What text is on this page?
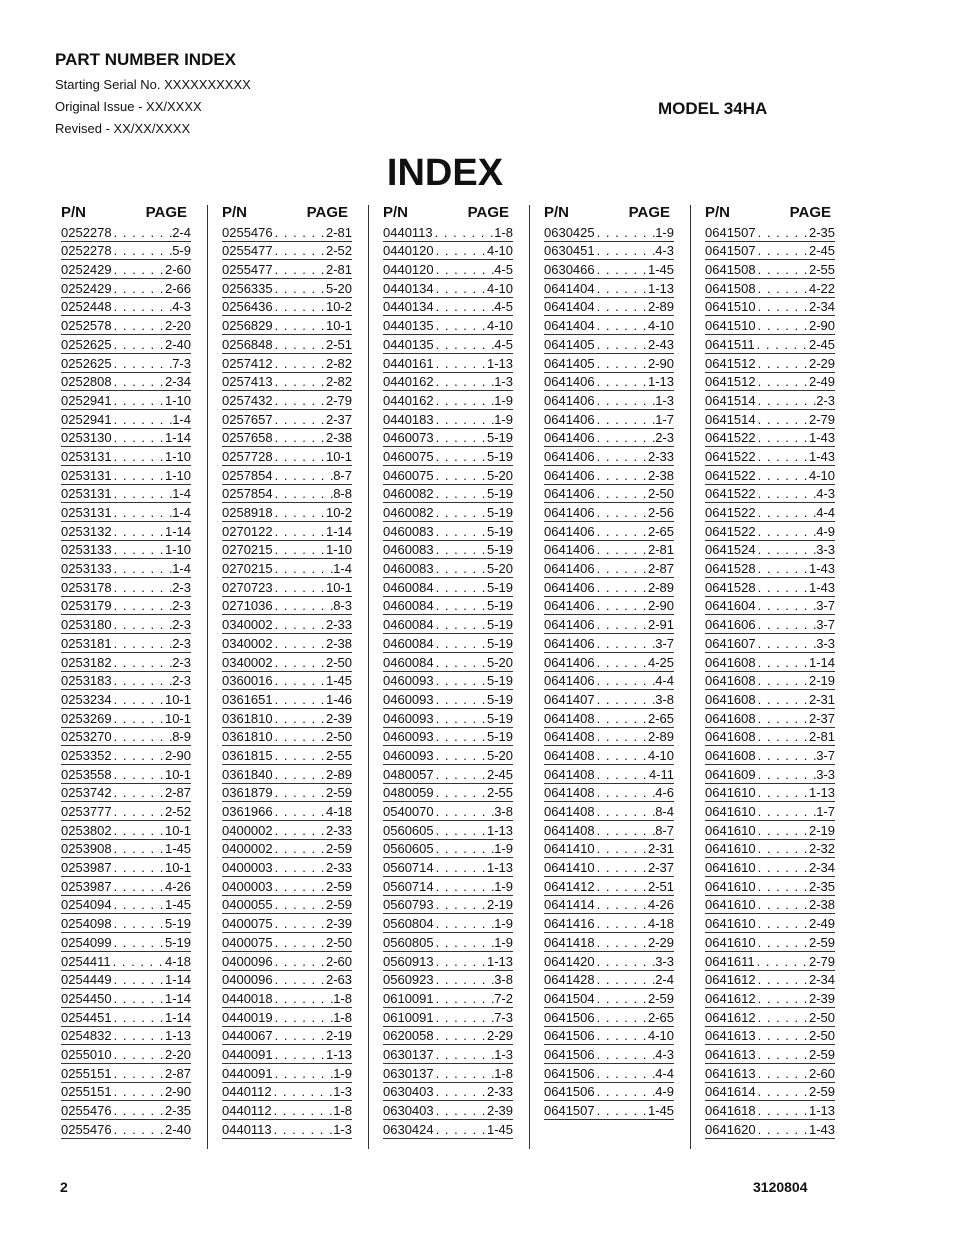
PART NUMBER INDEX
Starting Serial No. XXXXXXXXXX
Original Issue - XX/XXXX
Revised - XX/XX/XXXX
MODEL 34HA
INDEX
P/N	PAGE
0252278 . . .	2-4
0252278 . . .	5-9
0252429 . . .	2-60
0252429 . . .	2-66
0252448 . . .	4-3
0252578 . . .	2-20
0252625 . . .	2-40
0252625 . . .	7-3
0252808 . . .	2-34
0252941 . . .	1-10
0252941 . . .	1-4
0253130 . . .	1-14
0253131 . . .	1-10
0253131 . . .	1-10
0253131 . . .	1-4
0253131 . . .	1-4
0253132 . . .	1-14
0253133 . . .	1-10
0253133 . . .	1-4
0253178 . . .	2-3
0253179 . . .	2-3
0253180 . . .	2-3
0253181 . . .	2-3
0253182 . . .	2-3
0253183 . . .	2-3
0253234 . . .	10-1
0253269 . . .	10-1
0253270 . . .	8-9
0253352 . . .	2-90
0253558 . . .	10-1
0253742 . . .	2-87
0253777 . . .	2-52
0253802 . . .	10-1
0253908 . . .	1-45
0253987 . . .	10-1
0253987 . . .	4-26
0254094 . . .	1-45
0254098 . . .	5-19
0254099 . . .	5-19
0254411 . . .	4-18
0254449 . . .	1-14
0254450 . . .	1-14
0254451 . . .	1-14
0254832 . . .	1-13
0255010 . . .	2-20
0255151 . . .	2-87
0255151 . . .	2-90
0255476 . . .	2-35
0255476 . . .	2-40
P/N	PAGE
0255476 . . .	2-81
0255477 . . .	2-52
0255477 . . .	2-81
0256335 . . .	5-20
0256436 . . .	10-2
0256829 . . .	10-1
0256848 . . .	2-51
0257412 . . .	2-82
0257413 . . .	2-82
0257432 . . .	2-79
0257657 . . .	2-37
0257658 . . .	2-38
0257728 . . .	10-1
0257854 . . .	8-7
0257854 . . .	8-8
0258918 . . .	10-2
0270122 . . .	1-14
0270215 . . .	1-10
0270215 . . .	1-4
0270723 . . .	10-1
0271036 . . .	8-3
0340002 . . .	2-33
0340002 . . .	2-38
0340002 . . .	2-50
0360016 . . .	1-45
0361651 . . .	1-46
0361810 . . .	2-39
0361810 . . .	2-50
0361815 . . .	2-55
0361840 . . .	2-89
0361879 . . .	2-59
0361966 . . .	4-18
0400002 . . .	2-33
0400002 . . .	2-59
0400003 . . .	2-33
0400003 . . .	2-59
0400055 . . .	2-59
0400075 . . .	2-39
0400075 . . .	2-50
0400096 . . .	2-60
0400096 . . .	2-63
0440018 . . .	1-8
0440019 . . .	1-8
0440067 . . .	2-19
0440091 . . .	1-13
0440091 . . .	1-9
0440112 . . .	1-3
0440112 . . .	1-8
0440113 . . .	1-3
P/N	PAGE
0440113 . . .	1-8
0440120 . . .	4-10
0440120 . . .	4-5
0440134 . . .	4-10
0440134 . . .	4-5
0440135 . . .	4-10
0440135 . . .	4-5
0440161 . . .	1-13
0440162 . . .	1-3
0440162 . . .	1-9
0440183 . . .	1-9
0460073 . . .	5-19
0460075 . . .	5-19
0460075 . . .	5-20
0460082 . . .	5-19
0460082 . . .	5-19
0460083 . . .	5-19
0460083 . . .	5-19
0460083 . . .	5-20
0460084 . . .	5-19
0460084 . . .	5-19
0460084 . . .	5-19
0460084 . . .	5-19
0460084 . . .	5-20
0460093 . . .	5-19
0460093 . . .	5-19
0460093 . . .	5-19
0460093 . . .	5-19
0460093 . . .	5-20
0480057 . . .	2-45
0480059 . . .	2-55
0540070 . . .	3-8
0560605 . . .	1-13
0560605 . . .	1-9
0560714 . . .	1-13
0560714 . . .	1-9
0560793 . . .	2-19
0560804 . . .	1-9
0560805 . . .	1-9
0560913 . . .	1-13
0560923 . . .	3-8
0610091 . . .	7-2
0610091 . . .	7-3
0620058 . . .	2-29
0630137 . . .	1-3
0630137 . . .	1-8
0630403 . . .	2-33
0630403 . . .	2-39
0630424 . . .	1-45
P/N	PAGE
0630425 . . .	1-9
0630451 . . .	4-3
0630466 . . .	1-45
0641404 . . .	1-13
0641404 . . .	2-89
0641404 . . .	4-10
0641405 . . .	2-43
0641405 . . .	2-90
0641406 . . .	1-13
0641406 . . .	1-3
0641406 . . .	1-7
0641406 . . .	2-3
0641406 . . .	2-33
0641406 . . .	2-38
0641406 . . .	2-50
0641406 . . .	2-56
0641406 . . .	2-65
0641406 . . .	2-81
0641406 . . .	2-87
0641406 . . .	2-89
0641406 . . .	2-90
0641406 . . .	2-91
0641406 . . .	3-7
0641406 . . .	4-25
0641406 . . .	4-4
0641407 . . .	3-8
0641408 . . .	2-65
0641408 . . .	2-89
0641408 . . .	4-10
0641408 . . .	4-11
0641408 . . .	4-6
0641408 . . .	8-4
0641408 . . .	8-7
0641410 . . .	2-31
0641410 . . .	2-37
0641412 . . .	2-51
0641414 . . .	4-26
0641416 . . .	4-18
0641418 . . .	2-29
0641420 . . .	3-3
0641428 . . .	2-4
0641504 . . .	2-59
0641506 . . .	2-65
0641506 . . .	4-10
0641506 . . .	4-3
0641506 . . .	4-4
0641506 . . .	4-9
0641507 . . .	1-45
P/N	PAGE
0641507 . . .	2-35
0641507 . . .	2-45
0641508 . . .	2-55
0641508 . . .	4-22
0641510 . . .	2-34
0641510 . . .	2-90
0641511 . . .	2-45
0641512 . . .	2-29
0641512 . . .	2-49
0641514 . . .	2-3
0641514 . . .	2-79
0641522 . . .	1-43
0641522 . . .	1-43
0641522 . . .	4-10
0641522 . . .	4-3
0641522 . . .	4-4
0641522 . . .	4-9
0641524 . . .	3-3
0641528 . . .	1-43
0641528 . . .	1-43
0641604 . . .	3-7
0641606 . . .	3-7
0641607 . . .	3-3
0641608 . . .	1-14
0641608 . . .	2-19
0641608 . . .	2-31
0641608 . . .	2-37
0641608 . . .	2-81
0641608 . . .	3-7
0641609 . . .	3-3
0641610 . . .	1-13
0641610 . . .	1-7
0641610 . . .	2-19
0641610 . . .	2-32
0641610 . . .	2-34
0641610 . . .	2-35
0641610 . . .	2-38
0641610 . . .	2-49
0641610 . . .	2-59
0641611 . . .	2-79
0641612 . . .	2-34
0641612 . . .	2-39
0641612 . . .	2-50
0641613 . . .	2-50
0641613 . . .	2-59
0641613 . . .	2-60
0641614 . . .	2-59
0641618 . . .	1-13
0641620 . . .	1-43
2	3120804
